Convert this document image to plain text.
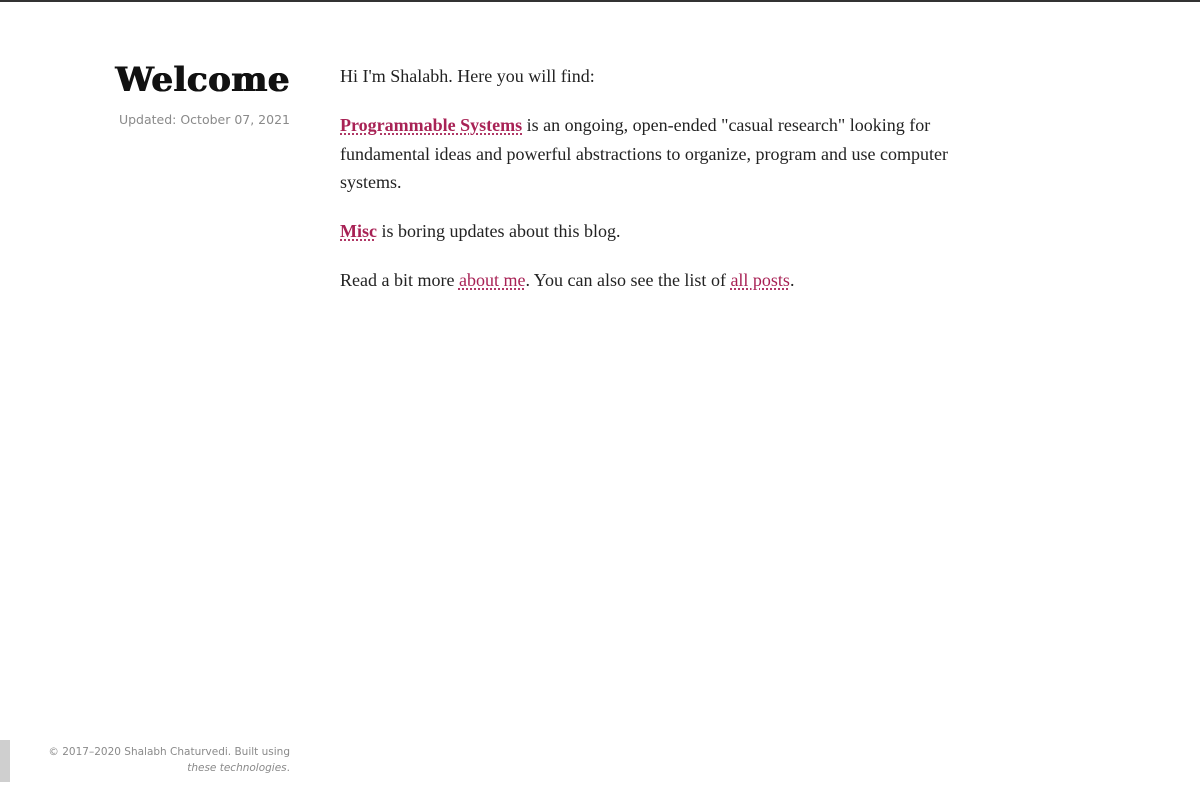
Welcome
Updated: October 07, 2021

Hi I'm Shalabh. Here you will find:

Programmable Systems is an ongoing, open-ended "casual research" looking for fundamental ideas and powerful abstractions to organize, program and use computer systems.

Misc is boring updates about this blog.

Read a bit more about me. You can also see the list of all posts.

© 2017–2020 Shalabh Chaturvedi. Built using these technologies.
